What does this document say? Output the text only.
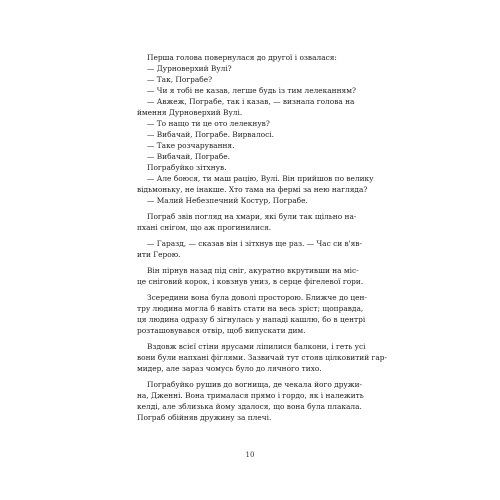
Перша голова повернулася до другої і озвалася:
— Дурноверхий Вулі?
— Так, Пограбе?
— Чи я тобі не казав, легше будь із тим лелеканням?
— Авжеж, Пограбе, так і казав, — визнала голова на
ймення Дурноверхий Вулі.
— То нащо ти це ото лелекнув?
— Вибачай, Пограбе. Вирвалосі.
— Таке розчарування.
— Вибачай, Пограбе.
Пограбуйко зітхнув.
— Але боюся, ти маш рацію, Вулі. Він прийшов по велику
відьмоньку, не інакше. Хто тама на фермі за нею нагляда?
— Малий Небезпечний Костур, Пограбе.
Пограб звів погляд на хмари, які були так щільно на-
пхані снігом, що аж прогинилися.
— Гаразд, — сказав він і зітхнув ще раз. — Час си в'яв-
ити Герою.
Він пірнув назад під сніг, акуратно вкрутивши на міс-
це сніговий корок, і ковзнув униз, в серце фігелевої гори.
Зсередини вона була доволі просторою. Ближче до цен-
тру людина могла б навіть стати на весь зріст; щоправда,
ця людина одразу б зігнулась у нападі кашлю, бо в центрі
розташовувався отвір, щоб випускати дим.
Вздовж всієї стіни ярусами ліпилися балкони, і геть усі
вони були напхані фіглями. Зазвичай тут стояв цілковитий гар-
мидер, але зараз чомусь було до лячного тихо.
Пограбуйко рушив до вогнища, де чекала його дружи-
на, Дженні. Вона трималася прямо і гордо, як і належить
келді, але зблизька йому здалося, що вона була плакала.
Пограб обійняв дружину за плечі.
10
